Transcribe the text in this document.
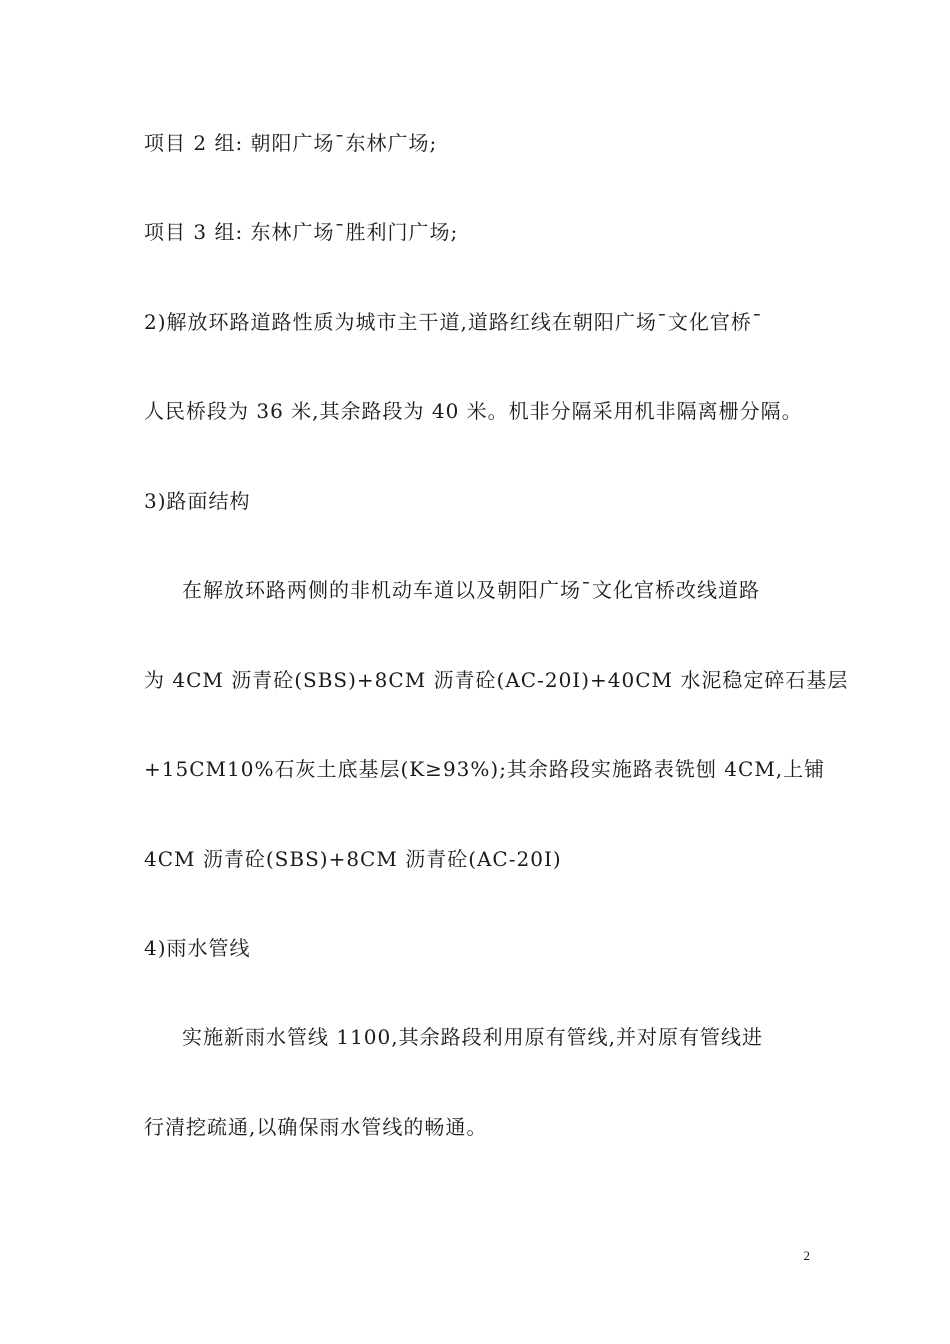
项目 2 组: 朝阳广场¯东林广场;
项目 3 组: 东林广场¯胜利门广场;
2)解放环路道路性质为城市主干道,道路红线在朝阳广场¯文化官桥¯
人民桥段为 36 米,其余路段为 40 米。机非分隔采用机非隔离栅分隔。
3)路面结构
在解放环路两侧的非机动车道以及朝阳广场¯文化官桥改线道路
为 4CM 沥青砼(SBS)+8CM 沥青砼(AC-20Ⅰ)+40CM 水泥稳定碎石基层
+15CM10%石灰土底基层(K≥93%);其余路段实施路表铣刨 4CM,上铺
4CM 沥青砼(SBS)+8CM 沥青砼(AC-20Ⅰ)
4)雨水管线
实施新雨水管线 1100,其余路段利用原有管线,并对原有管线进
行清挖疏通,以确保雨水管线的畅通。
2
